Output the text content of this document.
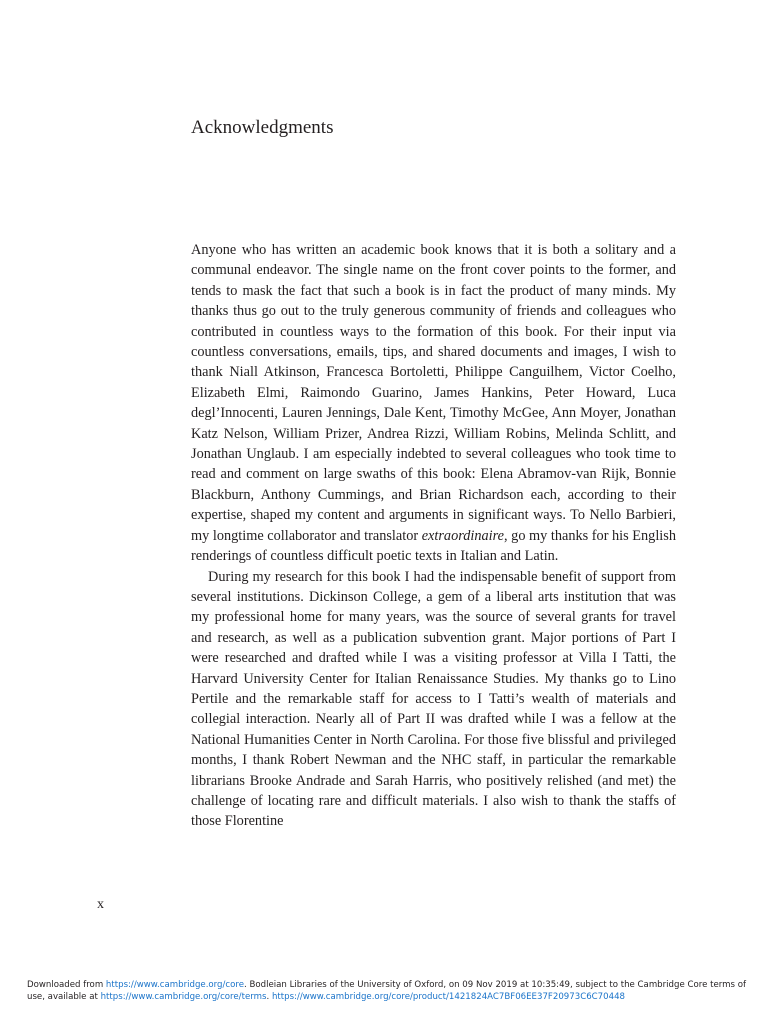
Acknowledgments

Anyone who has written an academic book knows that it is both a solitary and a communal endeavor. The single name on the front cover points to the former, and tends to mask the fact that such a book is in fact the product of many minds. My thanks thus go out to the truly generous community of friends and colleagues who contributed in countless ways to the formation of this book. For their input via countless conversations, emails, tips, and shared documents and images, I wish to thank Niall Atkinson, Francesca Bortoletti, Philippe Canguilhem, Victor Coelho, Elizabeth Elmi, Raimondo Guarino, James Hankins, Peter Howard, Luca degl’Innocenti, Lauren Jennings, Dale Kent, Timothy McGee, Ann Moyer, Jonathan Katz Nelson, William Prizer, Andrea Rizzi, William Robins, Melinda Schlitt, and Jonathan Unglaub. I am especially indebted to several colleagues who took time to read and comment on large swaths of this book: Elena Abramov-van Rijk, Bonnie Blackburn, Anthony Cummings, and Brian Richardson each, according to their expertise, shaped my content and arguments in significant ways. To Nello Barbieri, my longtime collaborator and translator extraordinaire, go my thanks for his English renderings of countless difficult poetic texts in Italian and Latin.

During my research for this book I had the indispensable benefit of support from several institutions. Dickinson College, a gem of a liberal arts institution that was my professional home for many years, was the source of several grants for travel and research, as well as a publication subvention grant. Major portions of Part I were researched and drafted while I was a visiting professor at Villa I Tatti, the Harvard University Center for Italian Renaissance Studies. My thanks go to Lino Pertile and the remarkable staff for access to I Tatti’s wealth of materials and collegial interaction. Nearly all of Part II was drafted while I was a fellow at the National Humanities Center in North Carolina. For those five blissful and privileged months, I thank Robert Newman and the NHC staff, in particular the remarkable librarians Brooke Andrade and Sarah Harris, who positively relished (and met) the challenge of locating rare and difficult materials. I also wish to thank the staffs of those Florentine

x
Downloaded from https://www.cambridge.org/core. Bodleian Libraries of the University of Oxford, on 09 Nov 2019 at 10:35:49, subject to the Cambridge Core terms of use, available at https://www.cambridge.org/core/terms. https://www.cambridge.org/core/product/1421824AC7BF06EE37F20973C6C70448
